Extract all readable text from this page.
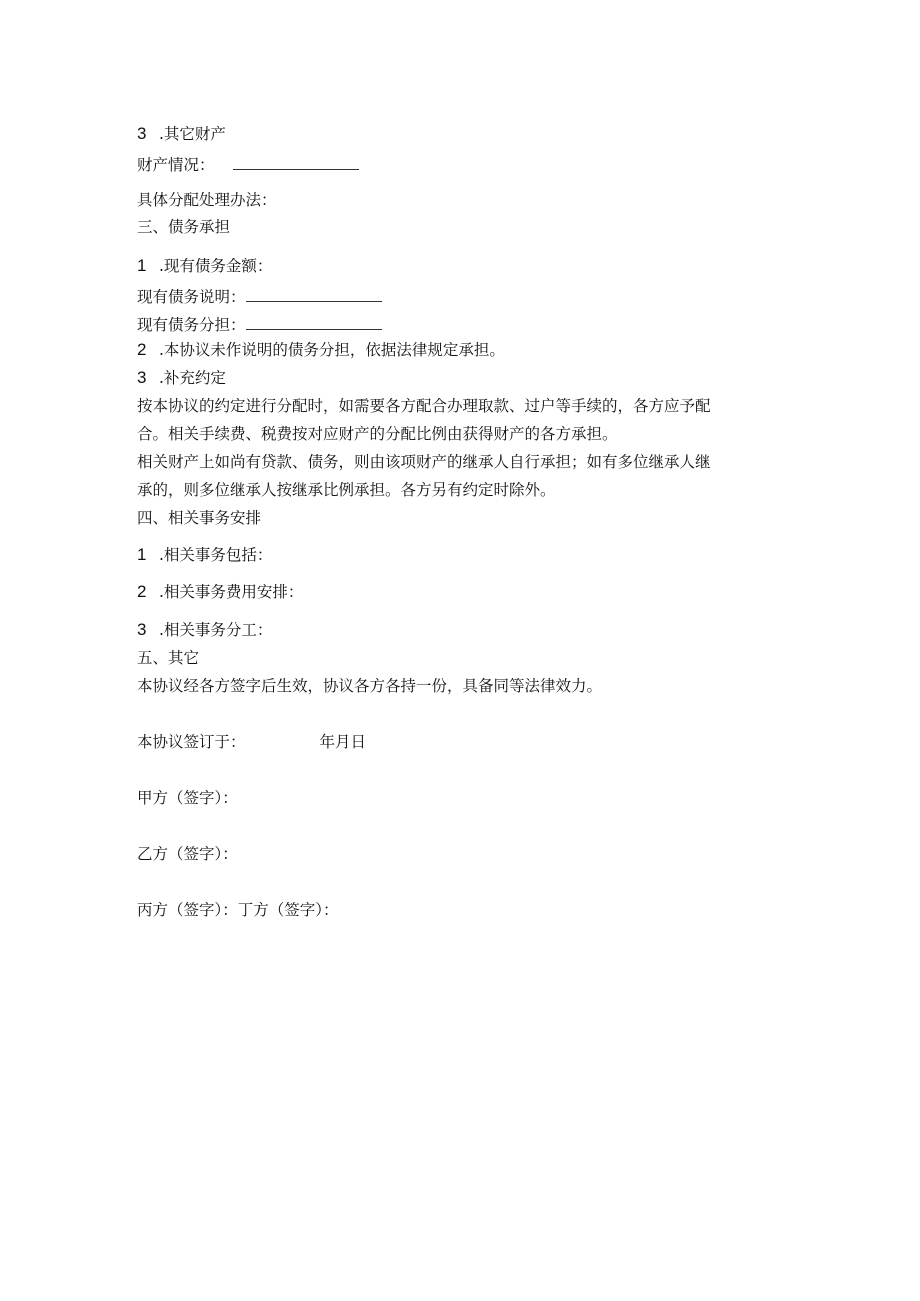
3 .其它财产
财产情况：
具体分配处理办法：
三、债务承担
1 .现有债务金额：
现有债务说明：
现有债务分担：
2 .本协议未作说明的债务分担，依据法律规定承担。
3 .补充约定
按本协议的约定进行分配时，如需要各方配合办理取款、过户等手续的，各方应予配
合。相关手续费、税费按对应财产的分配比例由获得财产的各方承担。
相关财产上如尚有贷款、债务，则由该项财产的继承人自行承担；如有多位继承人继
承的，则多位继承人按继承比例承担。各方另有约定时除外。
四、相关事务安排
1 .相关事务包括：
2 .相关事务费用安排：
3 .相关事务分工：
五、其它
本协议经各方签字后生效，协议各方各持一份，具备同等法律效力。
本协议签订于：	年月日
甲方（签字）：
乙方（签字）：
丙方（签字）：丁方（签字）：
